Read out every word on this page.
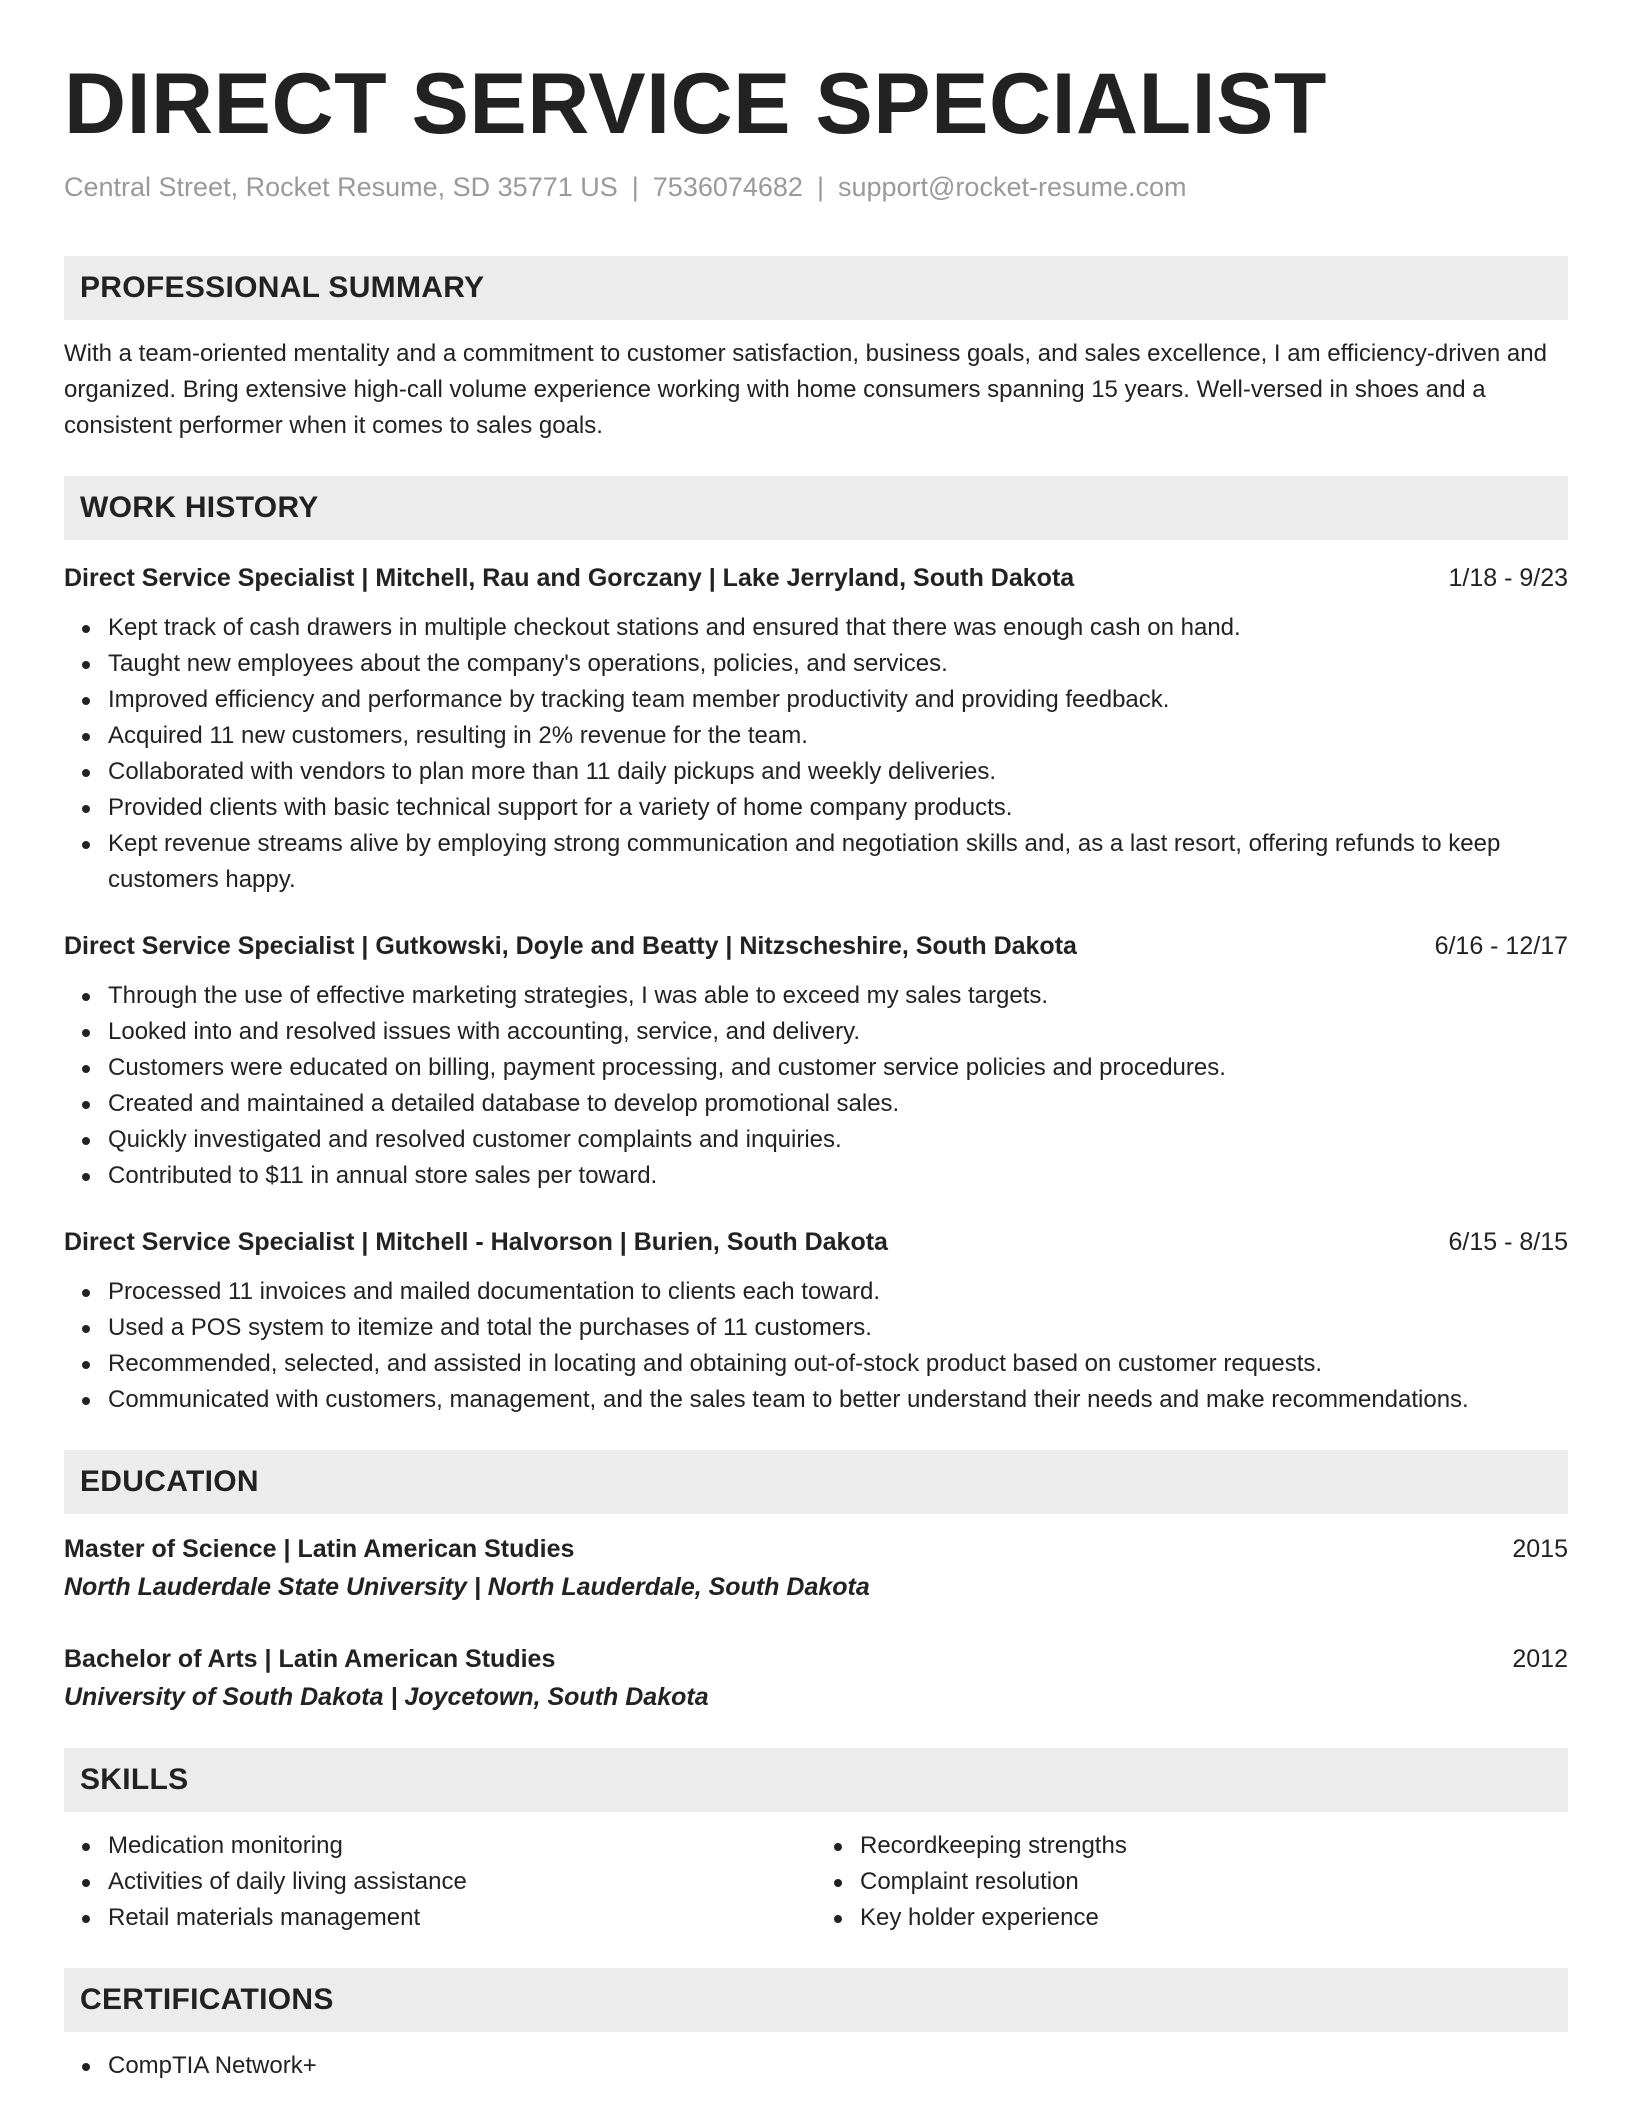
DIRECT SERVICE SPECIALIST
Central Street, Rocket Resume, SD 35771 US | 7536074682 | support@rocket-resume.com
PROFESSIONAL SUMMARY
With a team-oriented mentality and a commitment to customer satisfaction, business goals, and sales excellence, I am efficiency-driven and organized. Bring extensive high-call volume experience working with home consumers spanning 15 years. Well-versed in shoes and a consistent performer when it comes to sales goals.
WORK HISTORY
Direct Service Specialist | Mitchell, Rau and Gorczany | Lake Jerryland, South Dakota	1/18 - 9/23
Kept track of cash drawers in multiple checkout stations and ensured that there was enough cash on hand.
Taught new employees about the company's operations, policies, and services.
Improved efficiency and performance by tracking team member productivity and providing feedback.
Acquired 11 new customers, resulting in 2% revenue for the team.
Collaborated with vendors to plan more than 11 daily pickups and weekly deliveries.
Provided clients with basic technical support for a variety of home company products.
Kept revenue streams alive by employing strong communication and negotiation skills and, as a last resort, offering refunds to keep customers happy.
Direct Service Specialist | Gutkowski, Doyle and Beatty | Nitzscheshire, South Dakota	6/16 - 12/17
Through the use of effective marketing strategies, I was able to exceed my sales targets.
Looked into and resolved issues with accounting, service, and delivery.
Customers were educated on billing, payment processing, and customer service policies and procedures.
Created and maintained a detailed database to develop promotional sales.
Quickly investigated and resolved customer complaints and inquiries.
Contributed to $11 in annual store sales per toward.
Direct Service Specialist | Mitchell - Halvorson | Burien, South Dakota	6/15 - 8/15
Processed 11 invoices and mailed documentation to clients each toward.
Used a POS system to itemize and total the purchases of 11 customers.
Recommended, selected, and assisted in locating and obtaining out-of-stock product based on customer requests.
Communicated with customers, management, and the sales team to better understand their needs and make recommendations.
EDUCATION
Master of Science | Latin American Studies	2015
North Lauderdale State University | North Lauderdale, South Dakota
Bachelor of Arts | Latin American Studies	2012
University of South Dakota | Joycetown, South Dakota
SKILLS
Medication monitoring
Activities of daily living assistance
Retail materials management
Recordkeeping strengths
Complaint resolution
Key holder experience
CERTIFICATIONS
CompTIA Network+
